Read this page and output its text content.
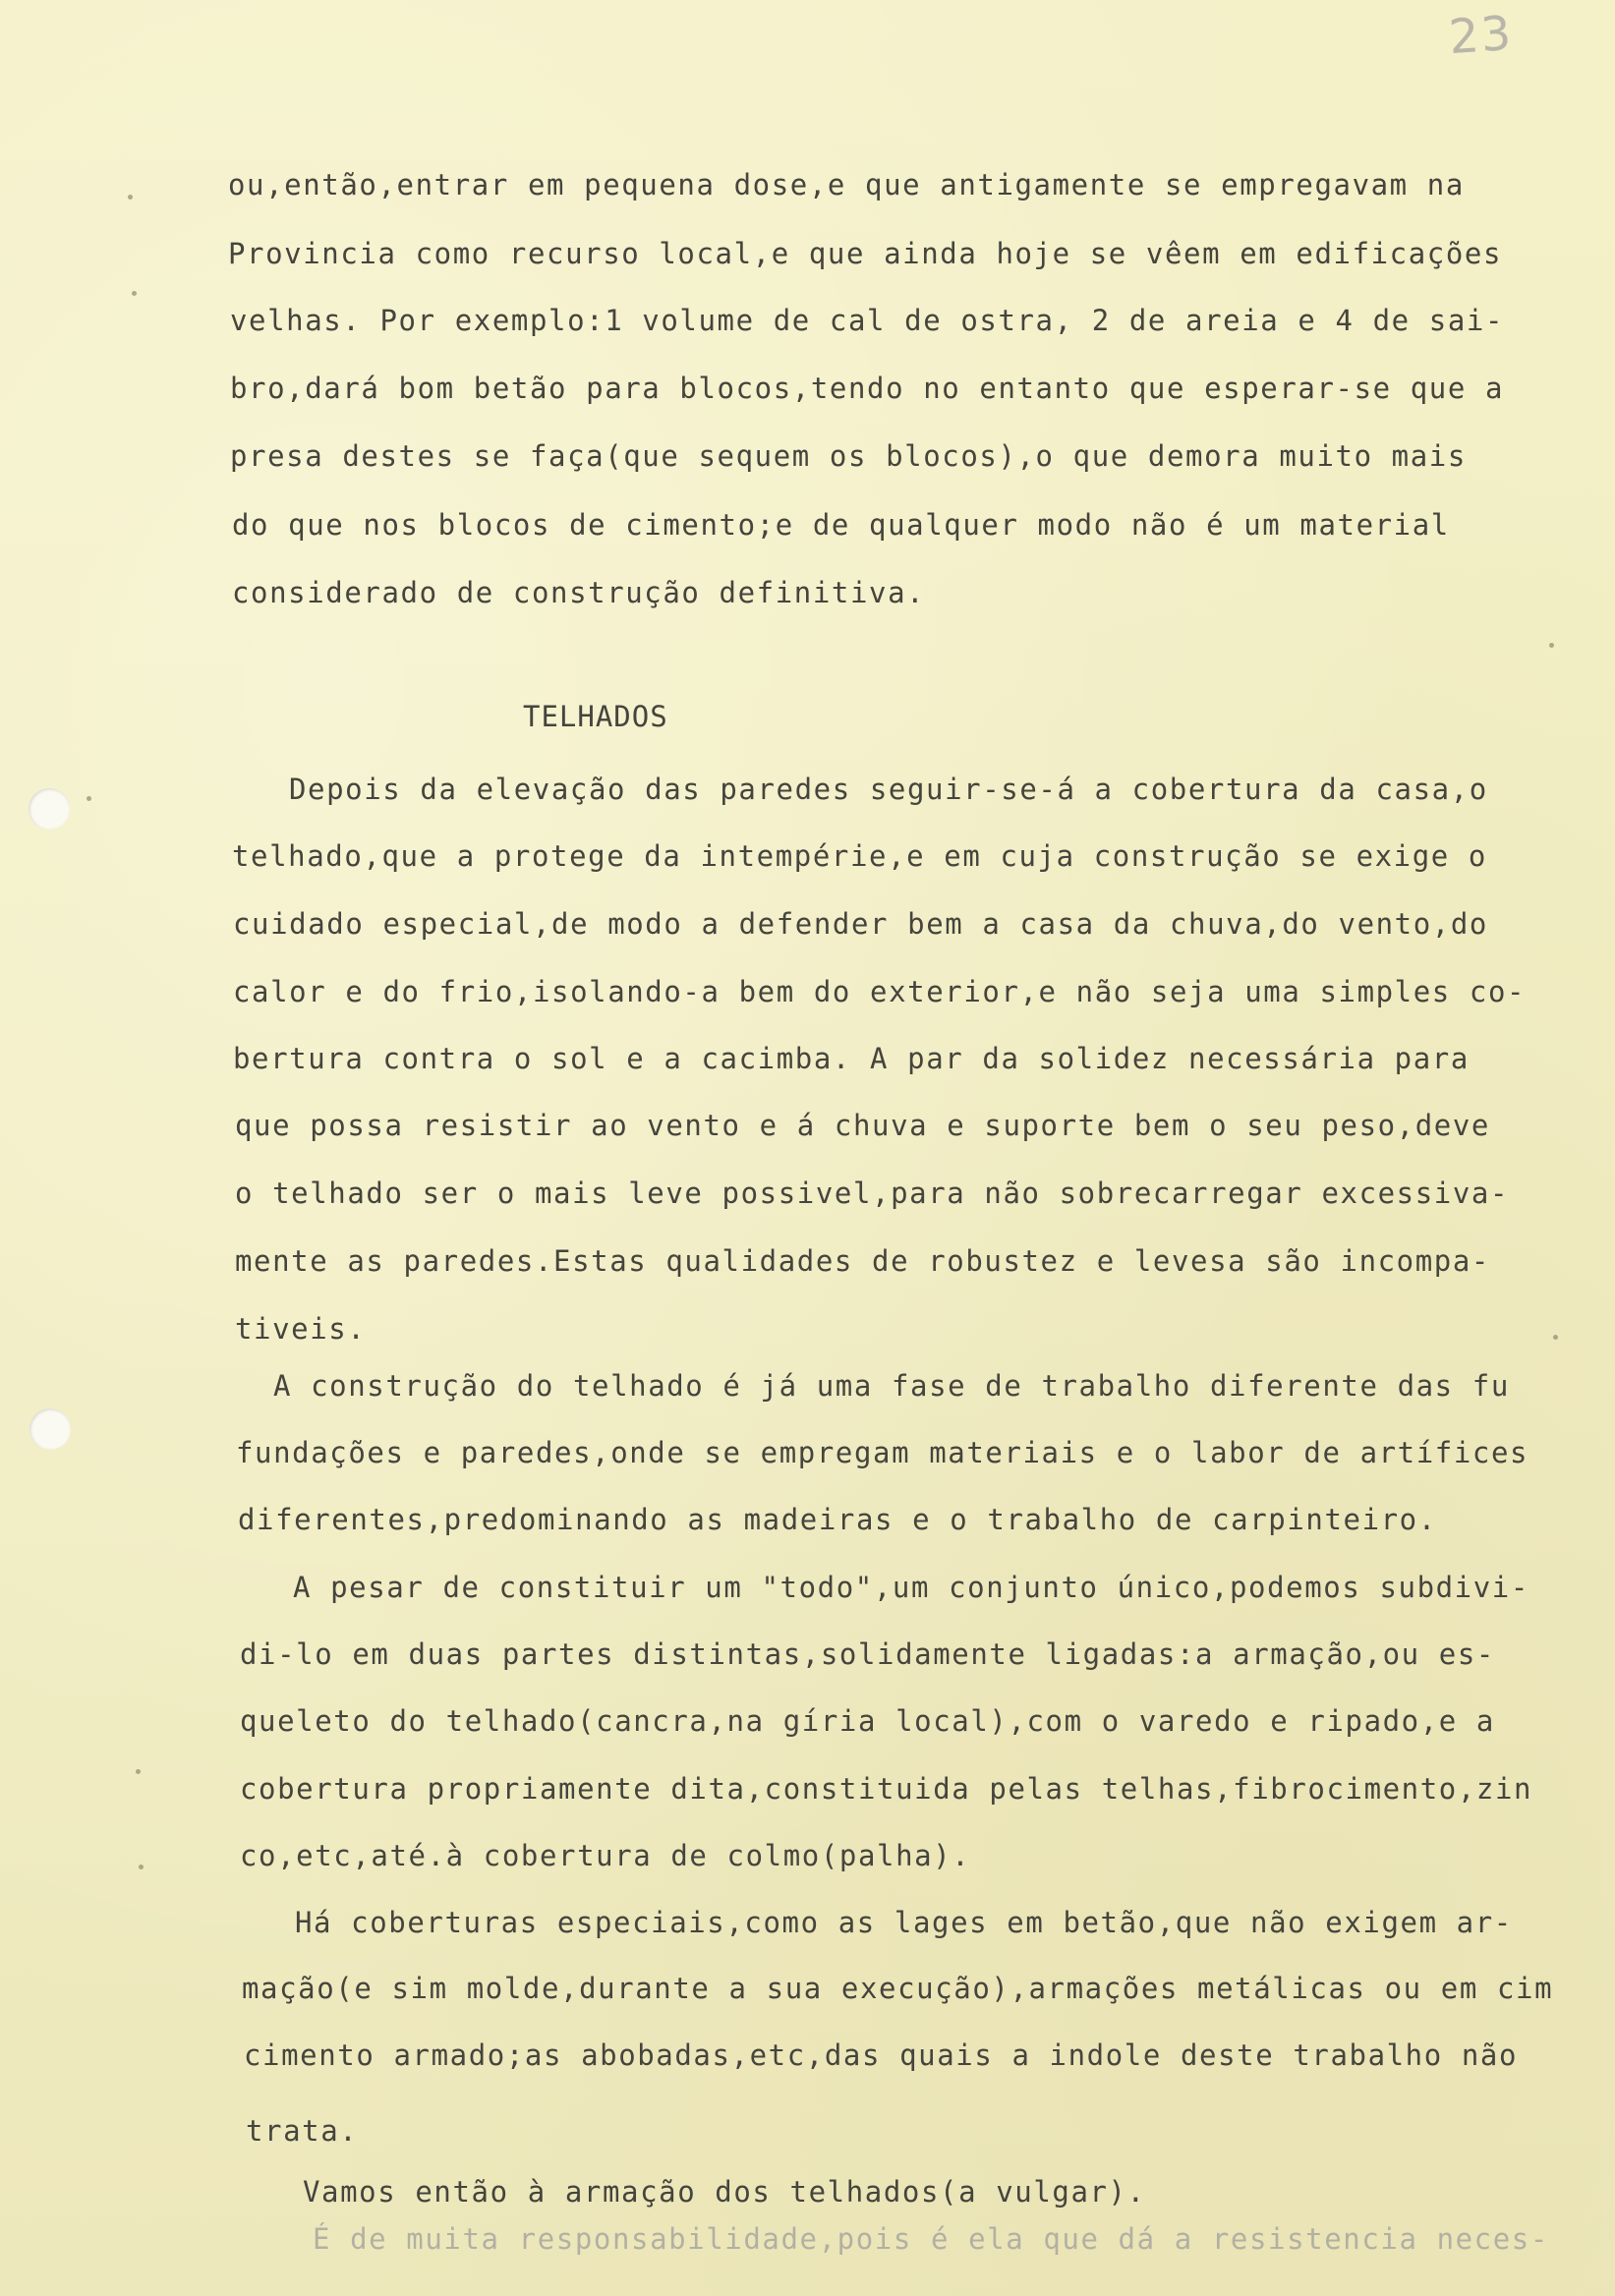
23
ou,então,entrar em pequena dose,e que antigamente se empregavam na
Provincia como recurso local,e que ainda hoje se vêem em edificações
velhas. Por exemplo:1 volume de cal de ostra, 2 de areia e 4 de sai-
bro,dará bom betão para blocos,tendo no entanto que esperar-se que a
presa destes se faça(que sequem os blocos),o que demora muito mais
do que nos blocos de cimento;e de qualquer modo não é um material
considerado de construção definitiva.
TELHADOS
Depois da elevação das paredes seguir-se-á a cobertura da casa,o
telhado,que a protege da intempérie,e em cuja construção se exige o
cuidado especial,de modo a defender bem a casa da chuva,do vento,do
calor e do frio,isolando-a bem do exterior,e não seja uma simples co-
bertura contra o sol e a cacimba. A par da solidez necessária para
que possa resistir ao vento e á chuva e suporte bem o seu peso,deve
o telhado ser o mais leve possivel,para não sobrecarregar excessiva-
mente as paredes.Estas qualidades de robustez e levesa são incompa-
tiveis.
A construção do telhado é já uma fase de trabalho diferente das fu
fundações e paredes,onde se empregam materiais e o labor de artífices
diferentes,predominando as madeiras e o trabalho de carpinteiro.
A pesar de constituir um "todo",um conjunto único,podemos subdivi-
di-lo em duas partes distintas,solidamente ligadas:a armação,ou es-
queleto do telhado(cancra,na gíria local),com o varedo e ripado,e a
cobertura propriamente dita,constituida pelas telhas,fibrocimento,zin
co,etc,até.à cobertura de colmo(palha).
Há coberturas especiais,como as lages em betão,que não exigem ar-
mação(e sim molde,durante a sua execução),armações metálicas ou em cim
cimento armado;as abobadas,etc,das quais a indole deste trabalho não
trata.
Vamos então à armação dos telhados(a vulgar).
É de muita responsabilidade,pois é ela que dá a resistencia neces-
